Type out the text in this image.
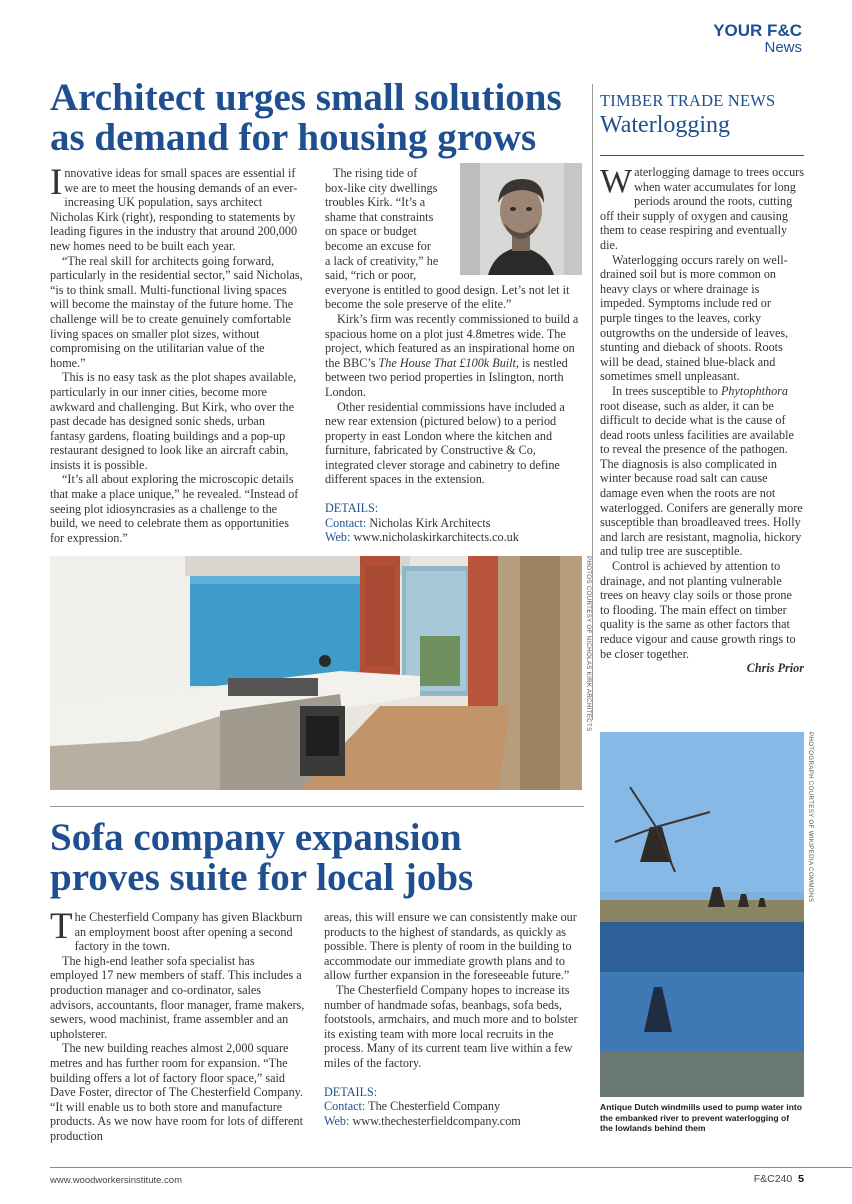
YOUR F&C
News
Architect urges small solutions
as demand for housing grows

Innovative ideas for small spaces are essential if we are to meet the housing demands of an ever-increasing UK population, says architect Nicholas Kirk (right), responding to statements by leading figures in the industry that around 200,000 new homes need to be built each year.

“The real skill for architects going forward, particularly in the residential sector,” said Nicholas, “is to think small. Multi-functional living spaces will become the mainstay of the future home. The challenge will be to create genuinely comfortable living spaces on smaller plot sizes, without compromising on the utilitarian value of the home.”

This is no easy task as the plot shapes available, particularly in our inner cities, become more awkward and challenging. But Kirk, who over the past decade has designed sonic sheds, urban fantasy gardens, floating buildings and a pop-up restaurant designed to look like an aircraft cabin, insists it is possible.

“It’s all about exploring the microscopic details that make a place unique,” he revealed. “Instead of seeing plot idiosyncrasies as a challenge to the build, we need to celebrate them as opportunities for expression.”

The rising tide of
box-like city dwellings
troubles Kirk. “It’s a
shame that constraints
on space or budget
become an excuse for
a lack of creativity,” he
said, “rich or poor,

everyone is entitled to good design. Let’s not let it become the sole preserve of the elite.”

Kirk’s firm was recently commissioned to build a spacious home on a plot just 4.8metres wide. The project, which featured as an inspirational home on the BBC’s The House That £100k Built, is nestled between two period properties in Islington, north London.

Other residential commissions have included a new rear extension (pictured below) to a period property in east London where the kitchen and furniture, fabricated by Constructive & Co, integrated clever storage and cabinetry to define different spaces in the extension.

DETAILS:
Contact: Nicholas Kirk Architects
Web: www.nicholaskirkarchitects.co.uk
PHOTOS COURTESY OF NICHOLAS KIRK ARCHITECTS
TIMBER TRADE NEWS
Waterlogging

Waterlogging damage to trees occurs when water accumulates for long periods around the roots, cutting off their supply of oxygen and causing them to cease respiring and eventually die.

Waterlogging occurs rarely on well-drained soil but is more common on heavy clays or where drainage is impeded. Symptoms include red or purple tinges to the leaves, corky outgrowths on the underside of leaves, stunting and dieback of shoots. Roots will be dead, stained blue-black and sometimes smell unpleasant.

In trees susceptible to Phytophthora root disease, such as alder, it can be difficult to decide what is the cause of dead roots unless facilities are available to reveal the presence of the pathogen. The diagnosis is also complicated in winter because road salt can cause damage even when the roots are not waterlogged. Conifers are generally more susceptible than broadleaved trees. Holly and larch are resistant, magnolia, hickory and tulip tree are susceptible.

Control is achieved by attention to drainage, and not planting vulnerable trees on heavy clay soils or those prone to flooding. The main effect on timber quality is the same as other factors that reduce vigour and cause growth rings to be closer together.

Chris Prior
PHOTOGRAPH COURTESY OF WIKIPEDIA COMMONS
Antique Dutch windmills used to pump water into the embanked river to prevent waterlogging of the lowlands behind them
Sofa company expansion
proves suite for local jobs

The Chesterfield Company has given Blackburn an employment boost after opening a second factory in the town.

The high-end leather sofa specialist has employed 17 new members of staff. This includes a production manager and co-ordinator, sales advisors, accountants, floor manager, frame makers, sewers, wood machinist, frame assembler and an upholsterer.

The new building reaches almost 2,000 square metres and has further room for expansion. “The building offers a lot of factory floor space,” said Dave Foster, director of The Chesterfield Company. “It will enable us to both store and manufacture products. As we now have room for lots of different production

areas, this will ensure we can consistently make our products to the highest of standards, as quickly as possible. There is plenty of room in the building to accommodate our immediate growth plans and to allow further expansion in the foreseeable future.”

The Chesterfield Company hopes to increase its number of handmade sofas, beanbags, sofa beds, footstools, armchairs, and much more and to bolster its existing team with more local recruits in the process. Many of its current team live within a few miles of the factory.

DETAILS:
Contact: The Chesterfield Company
Web: www.thechesterfieldcompany.com
www.woodworkersinstitute.com	F&C240 5
